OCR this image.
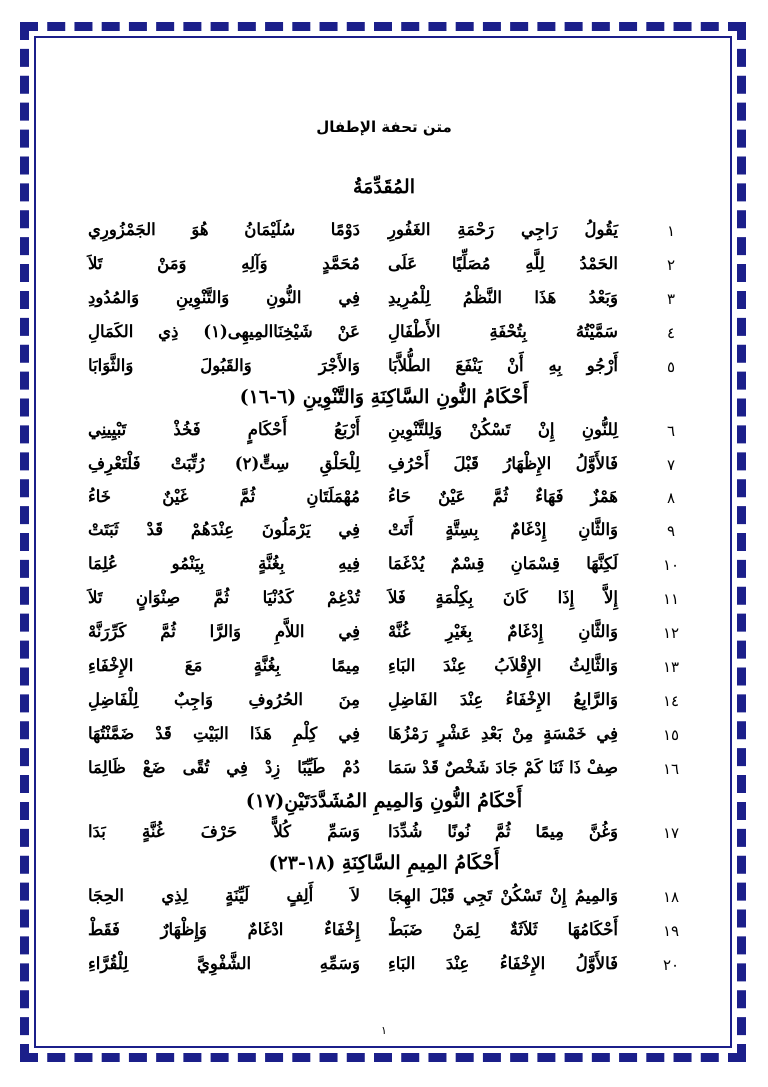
متن تحفة الإطفال
المُقَدِّمَةُ
١
يَقُولُ رَاجِي رَحْمَةِ الغَفُورِ
دَوْمًا سُلَيْمَانُ هُوَ الجَمْزُورِي
٢
الحَمْدُ لِلَّهِ مُصَلِّيًا عَلَى
مُحَمَّدٍ وَآلِهِ وَمَنْ تَلاَ
٣
وَبَعْدُ هَذَا النَّظْمُ لِلْمُرِيدِ
فِي النُّونِ وَالتَّنْوِينِ وَالمُدُودِ
٤
سَمَّيْتُهُ بِتُحْفَةِ الأَطْفَالِ
عَنْ شَيْخِنَاالمِيهِى(١) ذِي الكَمَالِ
٥
أَرْجُو بِهِ أَنْ يَنْفَعَ الطُّلاَّبَا
وَالأَجْرَ وَالقَبُولَ وَالثَّوَابَا
أَحْكَامُ النُّونِ السَّاكِنَةِ وَالتَّنْوِينِ (٦-١٦)
٦
لِلنُّونِ إِنْ تَسْكُنْ وَلِلتَّنْوِينِ
أَرْبَعُ أَحْكَامٍ فَخُذْ تَبْيِينِي
٧
فَالأَوَّلُ الإِظْهَارُ قَبْلَ أَحْرُفِ
لِلْحَلْقِ سِتٍّ(٢) رُتِّبَتْ فَلْتَعْرِفِ
٨
هَمْزٌ فَهَاءٌ ثُمَّ عَيْنٌ حَاءُ
مُهْمَلَتَانِ ثُمَّ غَيْنٌ خَاءُ
٩
وَالثَّانِ إِدْغَامٌ بِسِتَّةٍ أَتَتْ
فِي يَرْمَلُونَ عِنْدَهُمْ قَدْ ثَبَتَتْ
١٠
لَكِنَّهَا قِسْمَانِ قِسْمٌ يُدْغَمَا
فِيهِ بِغُنَّةٍ بِيَنْمُو عُلِمَا
١١
إِلاَّ إِذَا كَانَ بِكِلْمَةٍ فَلاَ
تُدْغِمْ كَدُنْيَا ثُمَّ صِنْوَانٍ تَلاَ
١٢
وَالثَّانِ إِدْغَامٌ بِغَيْرِ غُنَّهْ
فِي اللاَّمِ وَالرَّا ثُمَّ كَرِّرَنَّهْ
١٣
وَالثَّالِثُ الإِقْلاَبُ عِنْدَ البَاءِ
مِيمًا بِغُنَّةٍ مَعَ الإِخْفَاءِ
١٤
وَالرَّابِعُ الإِخْفَاءُ عِنْدَ الفَاضِلِ
مِنَ الحُرُوفِ وَاجِبٌ لِلْفَاضِلِ
١٥
فِي خَمْسَةٍ مِنْ بَعْدِ عَشْرٍ رَمْزُهَا
فِي كِلْمِ هَذَا البَيْتِ قَدْ ضَمَّنْتُهَا
١٦
صِفْ ذَا ثَنَا كَمْ جَادَ شَخْصٌ قَدْ سَمَا
دُمْ طَيِّبًا زِدْ فِي تُقًى ضَعْ ظَالِمَا
أَحْكَامُ النُّونِ وَالمِيمِ المُشَدَّدَتَيْنِ(١٧)
١٧
وَغُنَّ مِيمًا ثُمَّ نُونًا شُدِّدَا
وَسَمِّ كُلاًّ حَرْفَ غُنَّةٍ بَدَا
أَحْكَامُ المِيمِ السَّاكِنَةِ (١٨-٢٣)
١٨
وَالمِيمُ إِنْ تَسْكُنْ تَجِي قَبْلَ الهِجَا
لاَ أَلِفٍ لَيِّنَةٍ لِذِي الحِجَا
١٩
أَحْكَامُهَا ثَلاَثَةٌ لِمَنْ ضَبَطْ
إِخْفَاءٌ ادْغَامٌ وَإِظْهَارٌ فَقَطْ
٢٠
فَالأَوَّلُ الإِخْفَاءُ عِنْدَ البَاءِ
وَسَمِّهِ الشَّفْوِيَّ لِلْقُرَّاءِ
١
